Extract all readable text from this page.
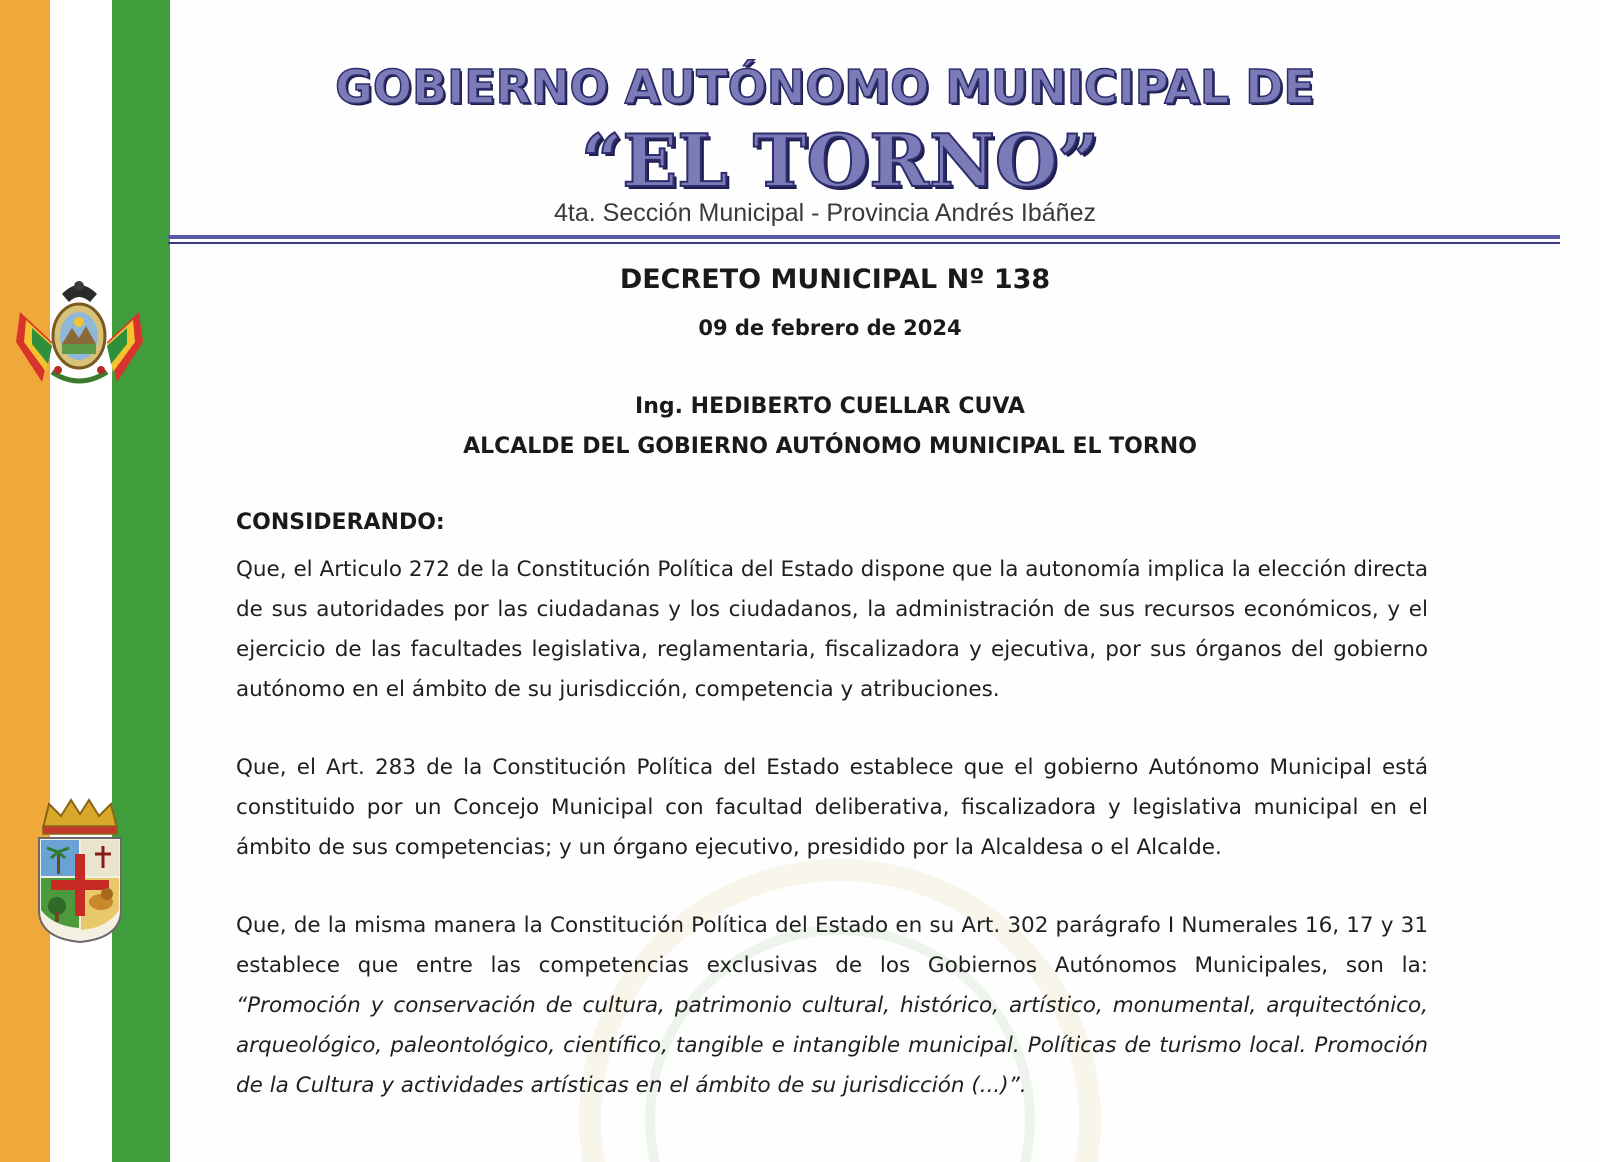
GOBIERNO AUTÓNOMO MUNICIPAL DE
“EL TORNO”
4ta. Sección Municipal - Provincia Andrés Ibáñez
DECRETO MUNICIPAL Nº 138
09 de febrero de 2024
Ing. HEDIBERTO CUELLAR CUVA
ALCALDE DEL GOBIERNO AUTÓNOMO MUNICIPAL EL TORNO
CONSIDERANDO:
Que, el Articulo 272 de la Constitución Política del Estado dispone que la autonomía implica la elección directa de sus autoridades por las ciudadanas y los ciudadanos, la administración de sus recursos económicos, y el ejercicio de las facultades legislativa, reglamentaria, fiscalizadora y ejecutiva, por sus órganos del gobierno autónomo en el ámbito de su jurisdicción, competencia y atribuciones.
Que, el Art. 283 de la Constitución Política del Estado establece que el gobierno Autónomo Municipal está constituido por un Concejo Municipal con facultad deliberativa, fiscalizadora y legislativa municipal en el ámbito de sus competencias; y un órgano ejecutivo, presidido por la Alcaldesa o el Alcalde.
Que, de la misma manera la Constitución Política del Estado en su Art. 302 parágrafo I Numerales 16, 17 y 31 establece que entre las competencias exclusivas de los Gobiernos Autónomos Municipales, son la: “Promoción y conservación de cultura, patrimonio cultural, histórico, artístico, monumental, arquitectónico, arqueológico, paleontológico, científico, tangible e intangible municipal. Políticas de turismo local. Promoción de la Cultura y actividades artísticas en el ámbito de su jurisdicción (...)”.
